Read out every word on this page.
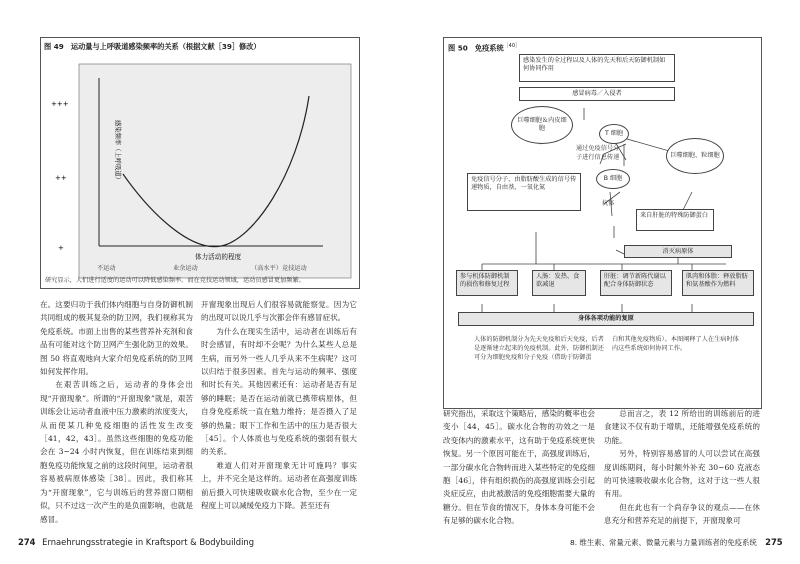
图 49　运动量与上呼吸道感染频率的关系（根据文献［39］修改）
+++
++
+
感染频率（上呼吸道）
体力活动的程度
不运动	业余运动	（高水平）竞技运动
研究显示，人们进行适度的运动可以降低感染频率。而在竞技运动领域，运动员感冒更加频繁。

在。这要归功于我们体内细胞与自身防御机制共同组成的极其复杂的防卫网，我们视称其为免疫系统。市面上出售的某些营养补充剂和食品有可能对这个防卫网产生强化防卫的效果。图 50 将直观地向大家介绍免疫系统的防卫网如何发挥作用。

在艰苦训练之后，运动者的身体会出现“开窗现象”。所谓的“开窗现象”就是，艰苦训练会让运动者血液中压力激素的浓度变大，从而使某几种免疫细胞的活性发生改变［41，42，43］。虽然这些细胞的免疫功能会在 3~24 小时内恢复，但在训练结束到细胞免疫功能恢复之前的这段时间里，运动者很容易被病原体感染［38］。因此，我们称其为“开窗现象”，它与训练后的营养窗口期相似，只不过这一次产生的是负面影响，也就是感冒。

开窗现象出现后人们很容易就能察觉。因为它的出现可以说几乎与次都会伴有感冒症状。

为什么在现实生活中，运动者在训练后有时会感冒，有时却不会呢？为什么某些人总是生病，而另外一些人几乎从来不生病呢？这可以归结于很多因素。首先与运动的频率、强度和时长有关。其他因素还有：运动者是否有足够的睡眠；是否在运动前就已携带病原体，但自身免疫系统一直在勉力维持；是否摄入了足够的热量；眼下工作和生活中的压力是否很大［45］。个人体质也与免疫系统的强弱有很大的关系。

难道人们对开窗现象无计可施吗？事实上，并不完全是这样的。运动者在高强度训练前后摄入可快速吸收碳水化合物，至少在一定程度上可以减缓免疫力下降。甚至还有

274 Ernaehrungsstrategie in Kraftsport & Bodybuilding
图 50　免疫系统$^{[40]}$
感染发生的全过程以及人体的先天和后天防御机制如何协同作用
感冒病毒／入侵者
巨噬细胞＆内皮细胞
T 细胞
通过免疫信号分子进行信息传递	巨噬细胞、粒细胞
免疫信号分子，由脂肪酸生成的信号传递物质，自由基，一氧化氮
B 细胞
抗体
来自肝脏的特殊防御蛋白
消灭病原体
参与机体防御机制的损伤和修复过程
人肠：发热、食欲减退
肝脏：调节新陈代谢以配合身体防御状态
肌肉和体脂：释放脂肪和氨基酸作为燃料
身体各项功能的复原
人体的防御机制分为先天免疫和后天免疫，后者是逐渐建立起来的免疫机制。此外，防御机制还可分为细胞免疫和分子免疫（借助于防御蛋
白和其他免疫物质）。本图阐释了人在生病时体内这些系统如何协同工作。

研究指出，采取这个策略后，感染的概率也会变小［44，45］。碳水化合物的功效之一是改变体内的激素水平，这有助于免疫系统更快恢复。另一个原因可能在于，高强度训练后，一部分碳水化合物转而进入某些特定的免疫细胞［46］，伴有组织损伤的高强度训练会引起炎症反应，由此被激活的免疫细胞需要大量的糖分。但在节食的情况下，身体本身可能不会有足够的碳水化合物。

总而言之，表 12 所给出的训练前后的进食建议不仅有助于增肌，还能增强免疫系统的功能。

另外，特别容易感冒的人可以尝试在高强度训练期间，每小时额外补充 30~60 克液态的可快速吸收碳水化合物，这对于这一些人很有用。

但在此也有一个尚存争议的观点——在休息充分和营养充足的前提下，开窗现象可

8. 维生素、常量元素、微量元素与力量训练者的免疫系统 275
